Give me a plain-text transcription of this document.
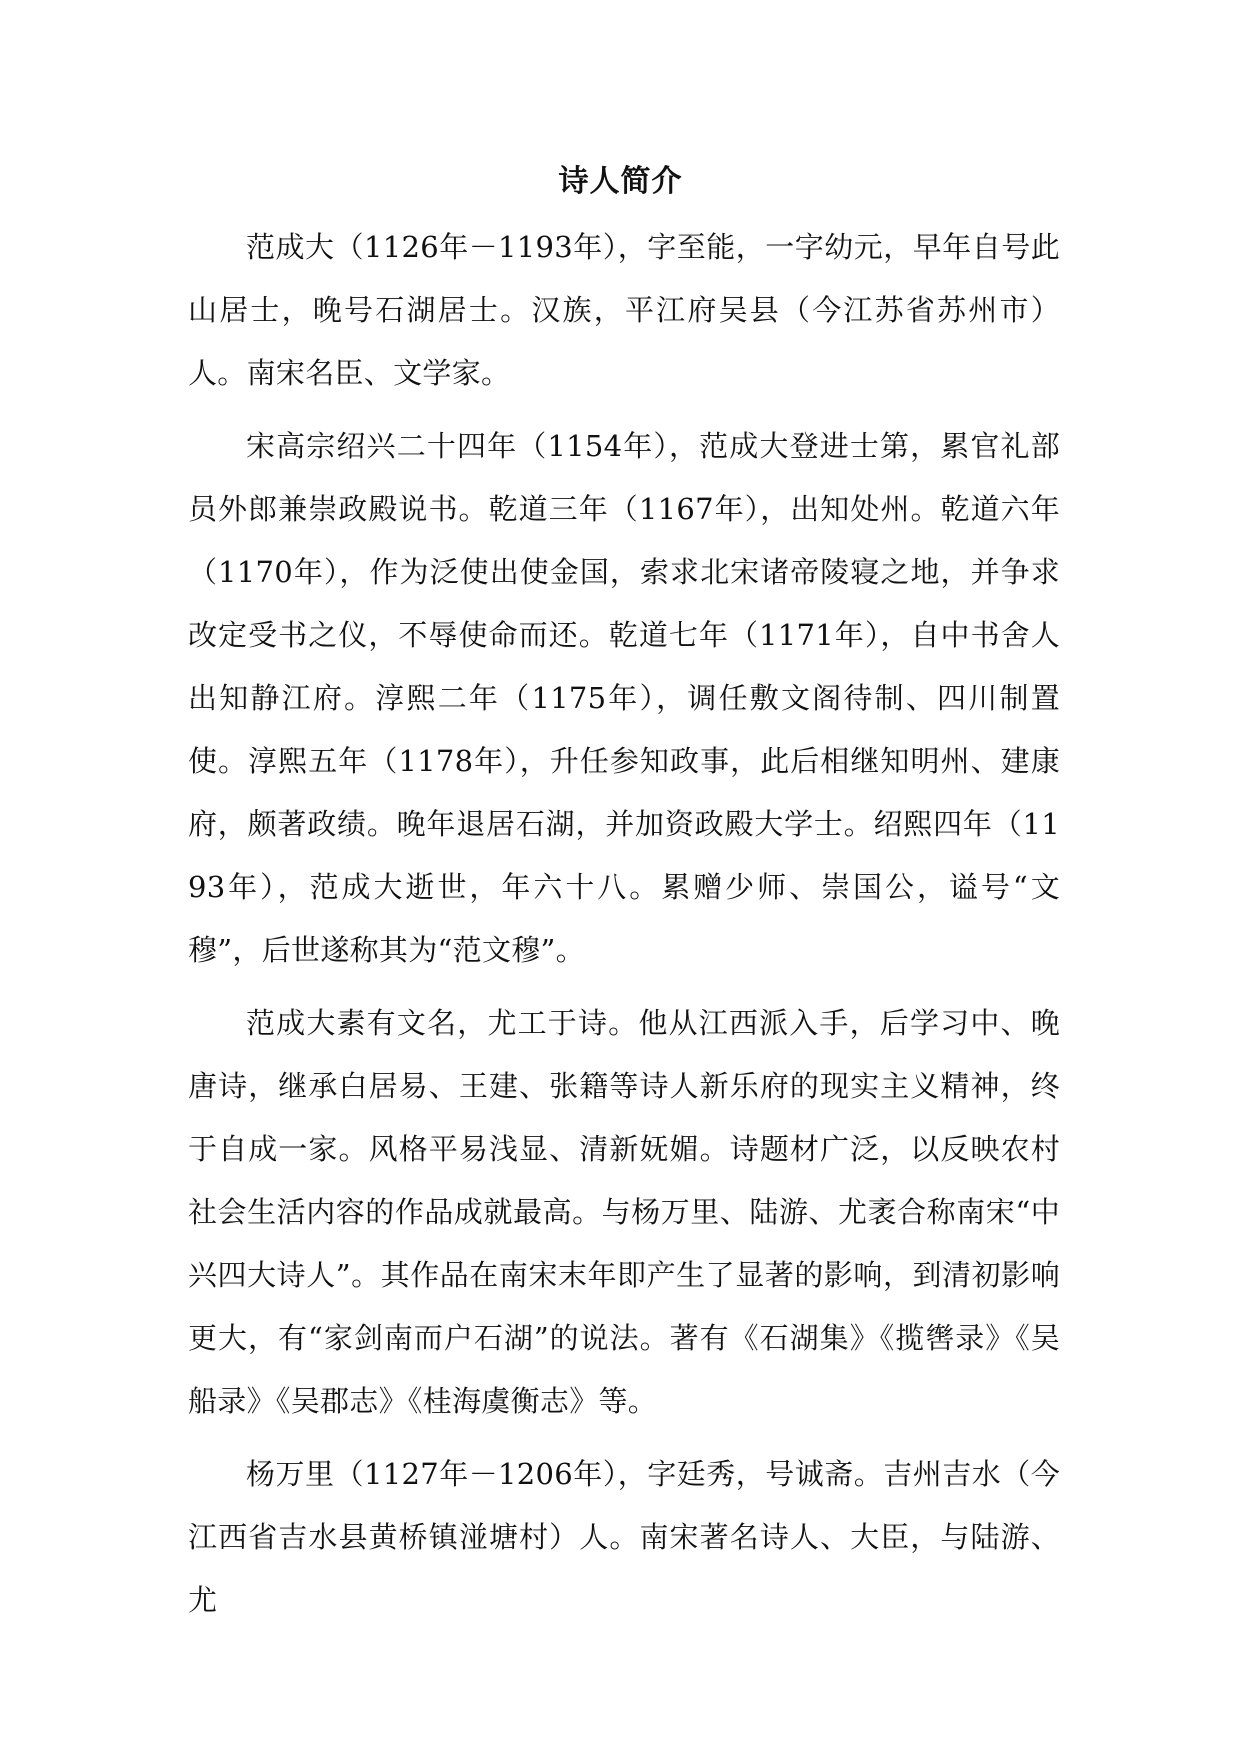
诗人简介

范成大（1126年－1193年），字至能，一字幼元，早年自号此山居士，晚号石湖居士。汉族，平江府吴县（今江苏省苏州市）人。南宋名臣、文学家。

宋高宗绍兴二十四年（1154年），范成大登进士第，累官礼部员外郎兼崇政殿说书。乾道三年（1167年），出知处州。乾道六年（1170年），作为泛使出使金国，索求北宋诸帝陵寝之地，并争求改定受书之仪，不辱使命而还。乾道七年（1171年），自中书舍人出知静江府。淳熙二年（1175年），调任敷文阁待制、四川制置使。淳熙五年（1178年），升任参知政事，此后相继知明州、建康府，颇著政绩。晚年退居石湖，并加资政殿大学士。绍熙四年（1193年），范成大逝世，年六十八。累赠少师、崇国公，谥号“文穆”，后世遂称其为“范文穆”。

范成大素有文名，尤工于诗。他从江西派入手，后学习中、晚唐诗，继承白居易、王建、张籍等诗人新乐府的现实主义精神，终于自成一家。风格平易浅显、清新妩媚。诗题材广泛，以反映农村社会生活内容的作品成就最高。与杨万里、陆游、尤袤合称南宋“中兴四大诗人”。其作品在南宋末年即产生了显著的影响，到清初影响更大，有“家剑南而户石湖”的说法。著有《石湖集》《揽辔录》《吴船录》《吴郡志》《桂海虞衡志》等。

杨万里（1127年－1206年），字廷秀，号诚斋。吉州吉水（今江西省吉水县黄桥镇湴塘村）人。南宋著名诗人、大臣，与陆游、尤
